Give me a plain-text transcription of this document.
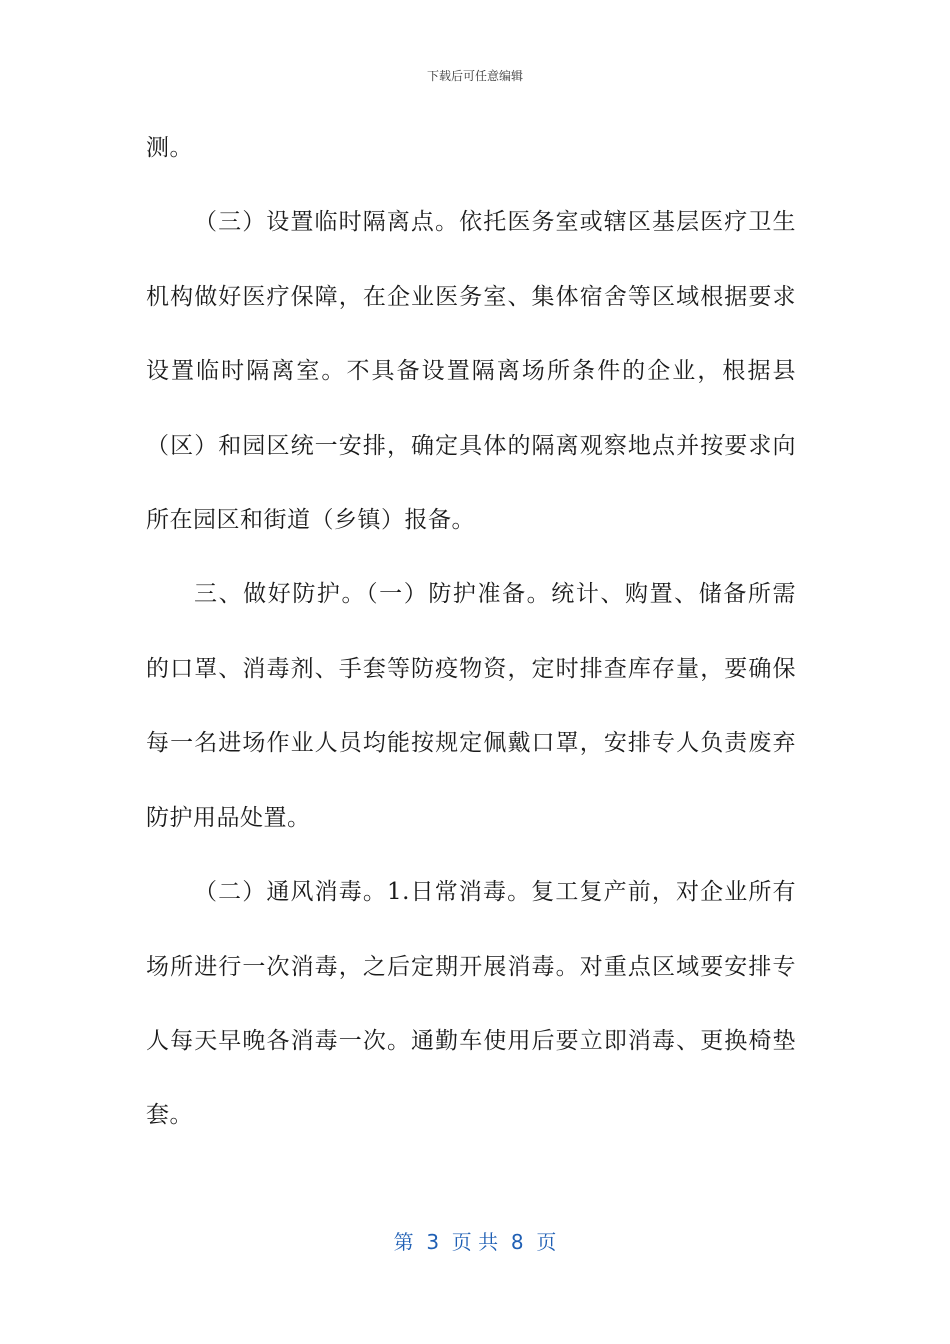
下载后可任意编辑
测。
（三）设置临时隔离点。依托医务室或辖区基层医疗卫生
机构做好医疗保障，在企业医务室、集体宿舍等区域根据要求
设置临时隔离室。不具备设置隔离场所条件的企业，根据县
（区）和园区统一安排，确定具体的隔离观察地点并按要求向
所在园区和街道（乡镇）报备。
三、做好防护。（一）防护准备。统计、购置、储备所需
的口罩、消毒剂、手套等防疫物资，定时排查库存量，要确保
每一名进场作业人员均能按规定佩戴口罩，安排专人负责废弃
防护用品处置。
（二）通风消毒。1.日常消毒。复工复产前，对企业所有
场所进行一次消毒，之后定期开展消毒。对重点区域要安排专
人每天早晚各消毒一次。通勤车使用后要立即消毒、更换椅垫
套。
第  3  页 共  8  页
